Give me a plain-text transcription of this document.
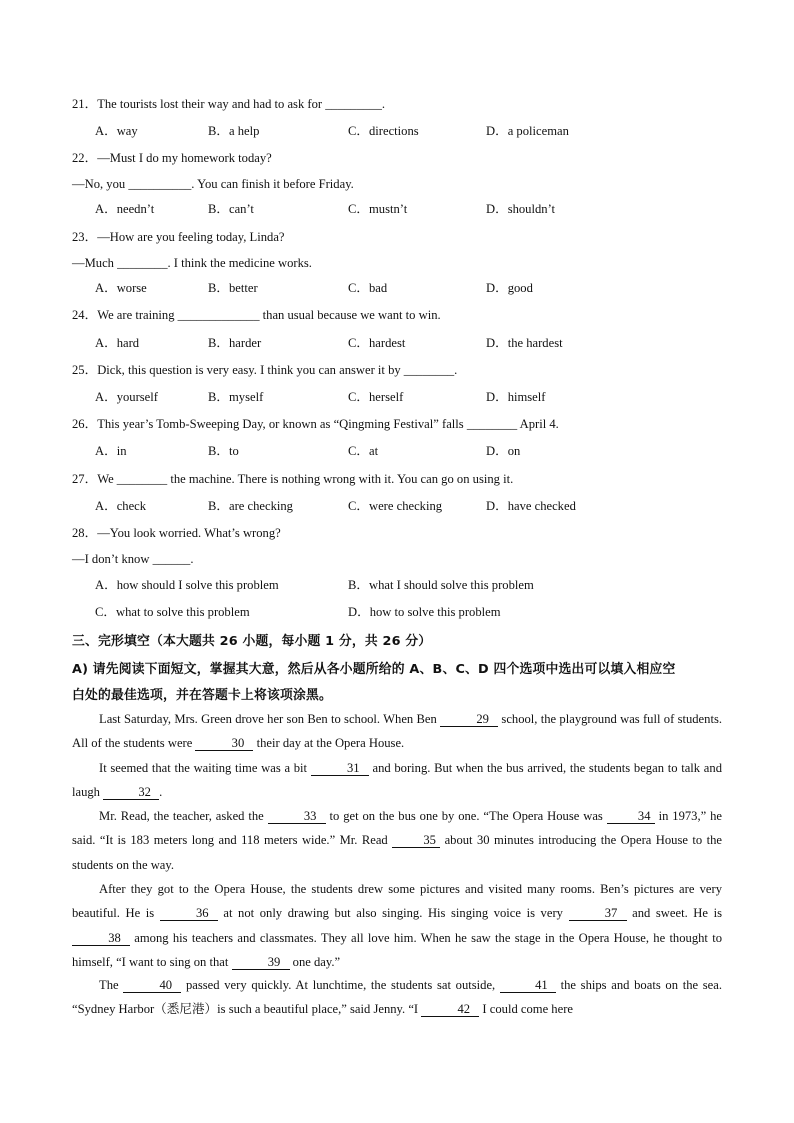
21．The tourists lost their way and had to ask for _________.
A．way	B．a help	C．directions	D．a policeman
22．—Must I do my homework today?
—No, you __________. You can finish it before Friday.
A．needn’t	B．can’t	C．mustn’t	D．shouldn’t
23．—How are you feeling today, Linda?
—Much ________. I think the medicine works.
A．worse	B．better	C．bad	D．good
24．We are training _____________ than usual because we want to win.
A．hard	B．harder	C．hardest	D．the hardest
25．Dick, this question is very easy. I think you can answer it by ________.
A．yourself	B．myself	C．herself	D．himself
26．This year’s Tomb-Sweeping Day, or known as “Qingming Festival” falls ________ April 4.
A．in	B．to	C．at	D．on
27．We ________ the machine. There is nothing wrong with it. You can go on using it.
A．check	B．are checking	C．were checking	D．have checked
28．—You look worried. What’s wrong?
—I don’t know ______.
A．how should I solve this problem	B．what I should solve this problem
C．what to solve this problem	D．how to solve this problem
三、完形填空（本大题共 26 小题，每小题 1 分，共 26 分）
A) 请先阅读下面短文，掌握其大意，然后从各小题所给的 A、B、C、D 四个选项中选出可以填入相应空
白处的最佳选项，并在答题卡上将该项涂黑。
Last Saturday, Mrs. Green drove her son Ben to school. When Ben	29 school, the playground was full of students. All of the students were	30 their day at the Opera House.
It seemed that the waiting time was a bit	31 and boring. But when the bus arrived, the students began to talk and laugh	32 .
Mr. Read, the teacher, asked the	33 to get on the bus one by one. “The Opera House was 34 in 1973,” he said. “It is 183 meters long and 118 meters wide.” Mr. Read 35 about 30 minutes introducing the Opera House to the students on the way.
After they got to the Opera House, the students drew some pictures and visited many rooms. Ben’s pictures are very beautiful. He is	36 at not only drawing but also singing. His singing voice is very	37 and sweet. He is 38 among his teachers and classmates. They all love him. When he saw the stage in the Opera House, he thought to himself, “I want to sing on that	39 one day.”
The	40 passed very quickly. At lunchtime, the students sat outside,	41 the ships and boats on the sea. “Sydney Harbor（悉尼港）is such a beautiful place,” said Jenny. “I	42 I could come here
